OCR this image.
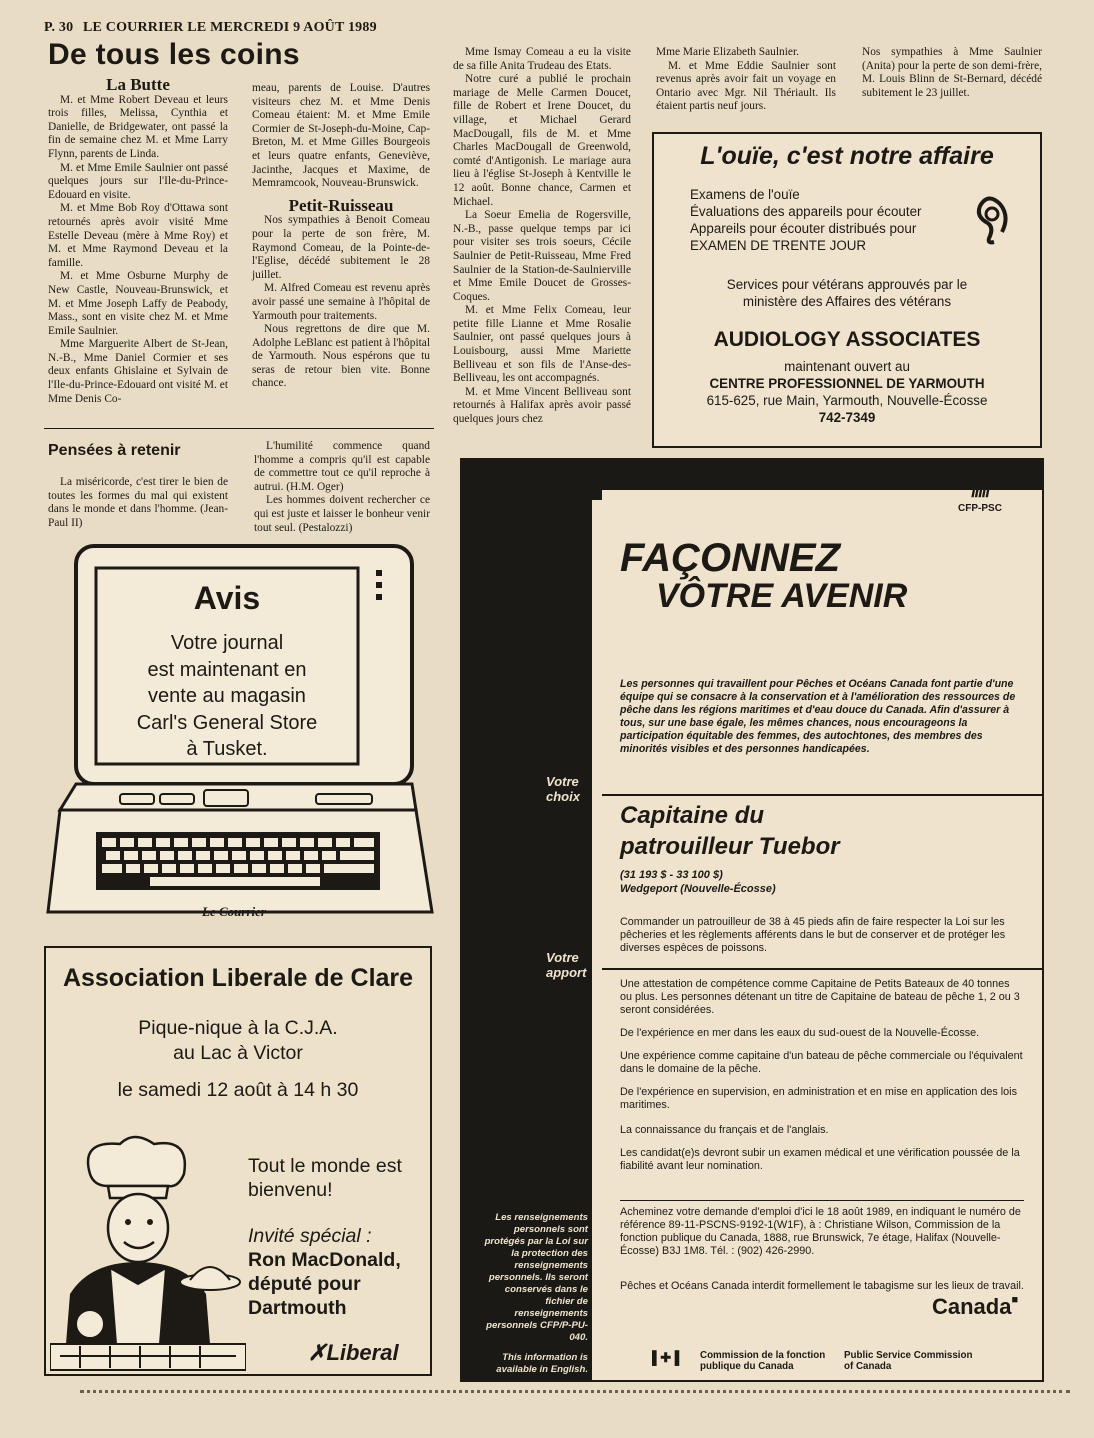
P. 30 LE COURRIER LE MERCREDI 9 AOÛT 1989
De tous les coins
La Butte

M. et Mme Robert Deveau et leurs trois filles, Melissa, Cynthia et Danielle, de Bridgewater, ont passé la fin de semaine chez M. et Mme Larry Flynn, parents de Linda.

M. et Mme Emile Saulnier ont passé quelques jours sur l'Ile-du-Prince-Edouard en visite.

M. et Mme Bob Roy d'Ottawa sont retournés après avoir visité Mme Estelle Deveau (mère à Mme Roy) et M. et Mme Raymond Deveau et la famille.

M. et Mme Osburne Murphy de New Castle, Nouveau-Brunswick, et M. et Mme Joseph Laffy de Peabody, Mass., sont en visite chez M. et Mme Emile Saulnier.

Mme Marguerite Albert de St-Jean, N.-B., Mme Daniel Cormier et ses deux enfants Ghislaine et Sylvain de l'Ile-du-Prince-Edouard ont visité M. et Mme Denis Co-

meau, parents de Louise. D'autres visiteurs chez M. et Mme Denis Comeau étaient: M. et Mme Emile Cormier de St-Joseph-du-Moine, Cap-Breton, M. et Mme Gilles Bourgeois et leurs quatre enfants, Geneviève, Jacinthe, Jacques et Maxime, de Memramcook, Nouveau-Brunswick.

Petit-Ruisseau

Nos sympathies à Benoit Comeau pour la perte de son frère, M. Raymond Comeau, de la Pointe-de-l'Eglise, décédé subitement le 28 juillet.

M. Alfred Comeau est revenu après avoir passé une semaine à l'hôpital de Yarmouth pour traitements.

Nous regrettons de dire que M. Adolphe LeBlanc est patient à l'hôpital de Yarmouth. Nous espérons que tu seras de retour bien vite. Bonne chance.

Mme Ismay Comeau a eu la visite de sa fille Anita Trudeau des Etats.

Notre curé a publié le prochain mariage de Melle Carmen Doucet, fille de Robert et Irene Doucet, du village, et Michael Gerard MacDougall, fils de M. et Mme Charles MacDougall de Greenwold, comté d'Antigonish. Le mariage aura lieu à l'église St-Joseph à Kentville le 12 août. Bonne chance, Carmen et Michael.

La Soeur Emelia de Rogersville, N.-B., passe quelque temps par ici pour visiter ses trois soeurs, Cécile Saulnier de Petit-Ruisseau, Mme Fred Saulnier de la Station-de-Saulnierville et Mme Emile Doucet de Grosses-Coques.

M. et Mme Felix Comeau, leur petite fille Lianne et Mme Rosalie Saulnier, ont passé quelques jours à Louisbourg, aussi Mme Mariette Belliveau et son fils de l'Anse-des-Belliveau, les ont accompagnés.

M. et Mme Vincent Belliveau sont retournés à Halifax après avoir passé quelques jours chez

Mme Marie Elizabeth Saulnier.

M. et Mme Eddie Saulnier sont revenus après avoir fait un voyage en Ontario avec Mgr. Nil Thériault. Ils étaient partis neuf jours.

Nos sympathies à Mme Saulnier (Anita) pour la perte de son demi-frère, M. Louis Blinn de St-Bernard, décédé subitement le 23 juillet.

Pensées à retenir

La miséricorde, c'est tirer le bien de toutes les formes du mal qui existent dans le monde et dans l'homme. (Jean-Paul II)

L'humilité commence quand l'homme a compris qu'il est capable de commettre tout ce qu'il reproche à autrui. (H.M. Oger)

Les hommes doivent rechercher ce qui est juste et laisser le bonheur venir tout seul. (Pestalozzi)

Avis
Votre journal
est maintenant en
vente au magasin
Carl's General Store
à Tusket.
Le Courrier
Association Liberale de Clare
Pique-nique à la C.J.A.
au Lac à Victor
le samedi 12 août à 14 h 30
Tout le monde est
bienvenu!
Invité spécial :
Ron MacDonald,
député pour
Dartmouth
✗Liberal
L'ouïe, c'est notre affaire
Examens de l'ouïe
Évaluations des appareils pour écouter
Appareils pour écouter distribués pour
EXAMEN DE TRENTE JOUR
Services pour vétérans approuvés par le
ministère des Affaires des vétérans
AUDIOLOGY ASSOCIATES
maintenant ouvert au
CENTRE PROFESSIONNEL DE YARMOUTH
615-625, rue Main, Yarmouth, Nouvelle-Écosse
742-7349
/////
CFP-PSC
FAÇONNEZ
VÔTRE AVENIR
Les personnes qui travaillent pour Pêches et Océans Canada font partie d'une équipe qui se consacre à la conservation et à l'amélioration des ressources de pêche dans les régions maritimes et d'eau douce du Canada. Afin d'assurer à tous, sur une base égale, les mêmes chances, nous encourageons la participation équitable des femmes, des autochtones, des membres des minorités visibles et des personnes handicapées.
Votre
choix
Capitaine du
patrouilleur Tuebor
(31 193 $ - 33 100 $)
Wedgeport (Nouvelle-Écosse)
Commander un patrouilleur de 38 à 45 pieds afin de faire respecter la Loi sur les pêcheries et les règlements afférents dans le but de conserver et de protéger les diverses espèces de poissons.
Votre
apport
Une attestation de compétence comme Capitaine de Petits Bateaux de 40 tonnes ou plus. Les personnes détenant un titre de Capitaine de bateau de pêche 1, 2 ou 3 seront considérées.
De l'expérience en mer dans les eaux du sud-ouest de la Nouvelle-Écosse.
Une expérience comme capitaine d'un bateau de pêche commerciale ou l'équivalent dans le domaine de la pêche.
De l'expérience en supervision, en administration et en mise en application des lois maritimes.
La connaissance du français et de l'anglais.
Les candidat(e)s devront subir un examen médical et une vérification poussée de la fiabilité avant leur nomination.
Acheminez votre demande d'emploi d'ici le 18 août 1989, en indiquant le numéro de référence 89-11-PSCNS-9192-1(W1F), à : Christiane Wilson, Commission de la fonction publique du Canada, 1888, rue Brunswick, 7e étage, Halifax (Nouvelle-Écosse) B3J 1M8. Tél. : (902) 426-2990.
Pêches et Océans Canada interdit formellement le tabagisme sur les lieux de travail.
Canada■
Les renseignements personnels sont protégés par la Loi sur la protection des renseignements personnels. Ils seront conservés dans le fichier de renseignements personnels CFP/P-PU-040.
This information is available in English.
▌✚▐ Commission de la fonction
publique du Canada
Public Service Commission
of Canada
